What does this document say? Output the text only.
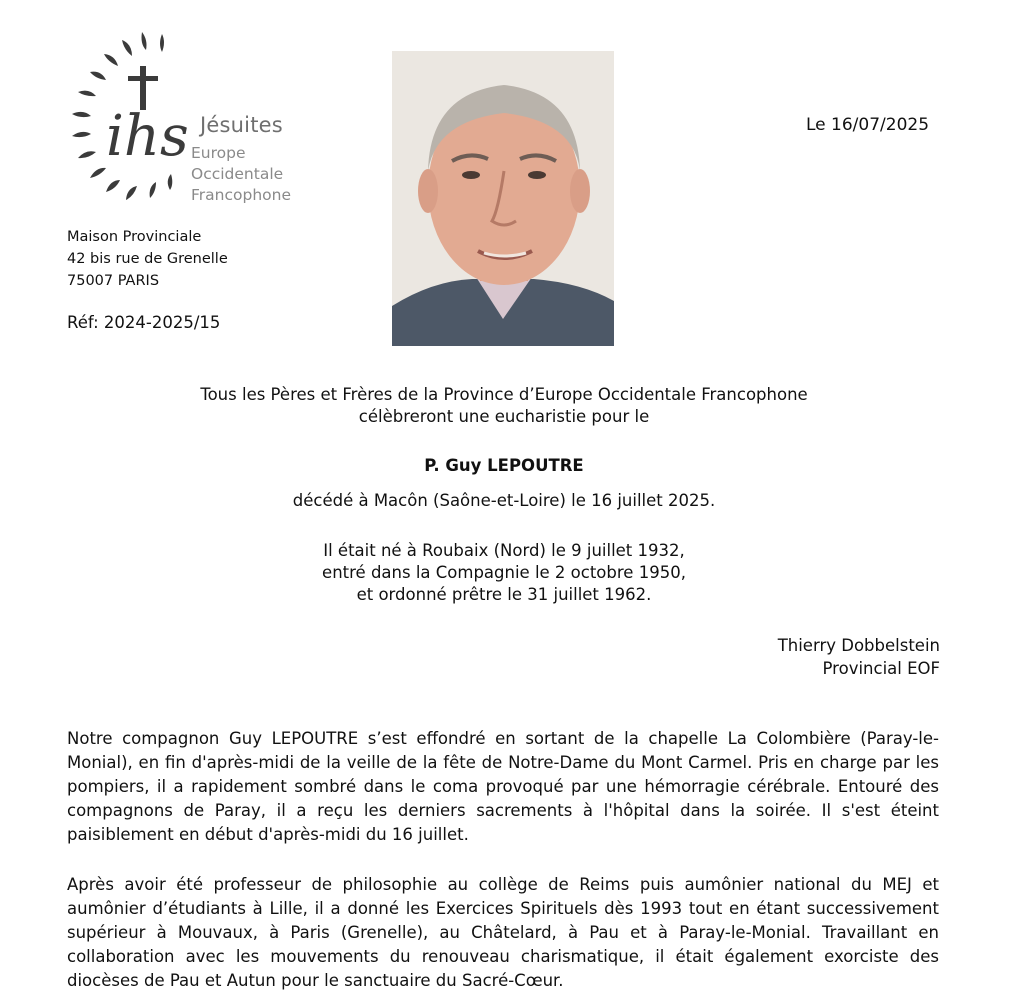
ihs Jésuites
Europe
Occidentale
Francophone
Le 16/07/2025
Maison Provinciale
42 bis rue de Grenelle
75007 PARIS
Réf: 2024-2025/15
Tous les Pères et Frères de la Province d’Europe Occidentale Francophone
célèbreront une eucharistie pour le
P. Guy LEPOUTRE
décédé à Macôn (Saône-et-Loire) le 16 juillet 2025.
Il était né à Roubaix (Nord) le 9 juillet 1932,
entré dans la Compagnie le 2 octobre 1950,
et ordonné prêtre le 31 juillet 1962.
Thierry Dobbelstein
Provincial EOF

Notre compagnon Guy LEPOUTRE s’est effondré en sortant de la chapelle La Colombière (Paray-le-Monial), en fin d'après-midi de la veille de la fête de Notre-Dame du Mont Carmel. Pris en charge par les pompiers, il a rapidement sombré dans le coma provoqué par une hémorragie cérébrale. Entouré des compagnons de Paray, il a reçu les derniers sacrements à l'hôpital dans la soirée. Il s'est éteint paisiblement en début d'après-midi du 16 juillet.

Après avoir été professeur de philosophie au collège de Reims puis aumônier national du MEJ et aumônier d’étudiants à Lille, il a donné les Exercices Spirituels dès 1993 tout en étant successivement supérieur à Mouvaux, à Paris (Grenelle), au Châtelard, à Pau et à Paray-le-Monial. Travaillant en collaboration avec les mouvements du renouveau charismatique, il était également exorciste des diocèses de Pau et Autun pour le sanctuaire du Sacré-Cœur.
